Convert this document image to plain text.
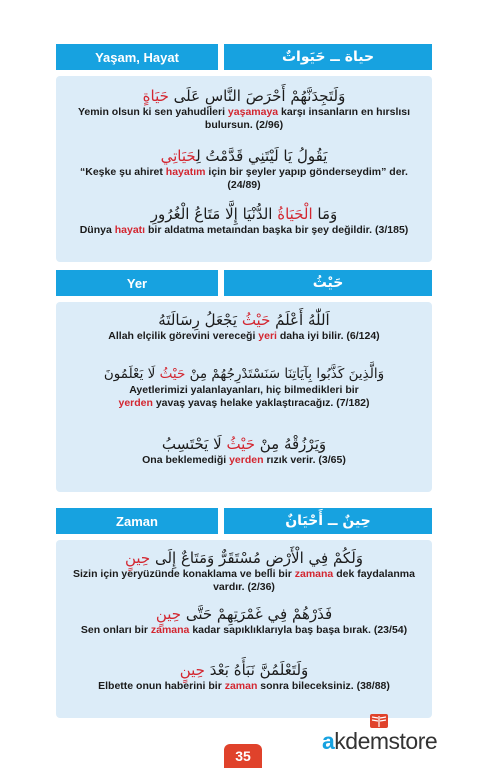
Yaşam, Hayat	حياة ــ حَيَواتٌ
وَلَتَجِدَنَّهُمْ أَحْرَصَ النَّاسِ عَلَى حَيَاةٍ
Yemin olsun ki sen yahudileri yaşamaya karşı insanların en hırslısı bulursun. (2/96)
يَقُولُ يَا لَيْتَنِي قَدَّمْتُ لِحَيَاتِي
“Keşke şu ahiret hayatım için bir şeyler yapıp gönderseydim” der. (24/89)
وَمَا الْحَيَاةُ الدُّنْيَا إِلَّا مَتَاعُ الْغُرُورِ
Dünya hayatı bir aldatma metaından başka bir şey değildir. (3/185)
Yer	حَيْثُ
اَللّٰهُ أَعْلَمُ حَيْثُ يَجْعَلُ رِسَالَتَهُ
Allah elçilik görevini vereceği yeri daha iyi bilir. (6/124)
وَالَّذِينَ كَذَّبُوا بِآيَاتِنَا سَنَسْتَدْرِجُهُمْ مِنْ حَيْثُ لَا يَعْلَمُونَ
Ayetlerimizi yalanlayanları, hiç bilmedikleri bir yerden yavaş yavaş helake yaklaştıracağız. (7/182)
وَيَرْزُقْهُ مِنْ حَيْثُ لَا يَحْتَسِبُ
Ona beklemediği yerden rızık verir. (3/65)
Zaman	حِينٌ ــ أَحْيَانٌ
وَلَكُمْ فِي الْأَرْضِ مُسْتَقَرٌّ وَمَتَاعٌ إِلَى حِينٍ
Sizin için yeryüzünde konaklama ve belli bir zamana dek faydalanma vardır. (2/36)
فَذَرْهُمْ فِي غَمْرَتِهِمْ حَتَّى حِينٍ
Sen onları bir zamana kadar sapıklıklarıyla baş başa bırak. (23/54)
وَلَتَعْلَمُنَّ نَبَأَهُ بَعْدَ حِينٍ
Elbette onun haberini bir zaman sonra bileceksiniz. (38/88)
akdemstore
35
